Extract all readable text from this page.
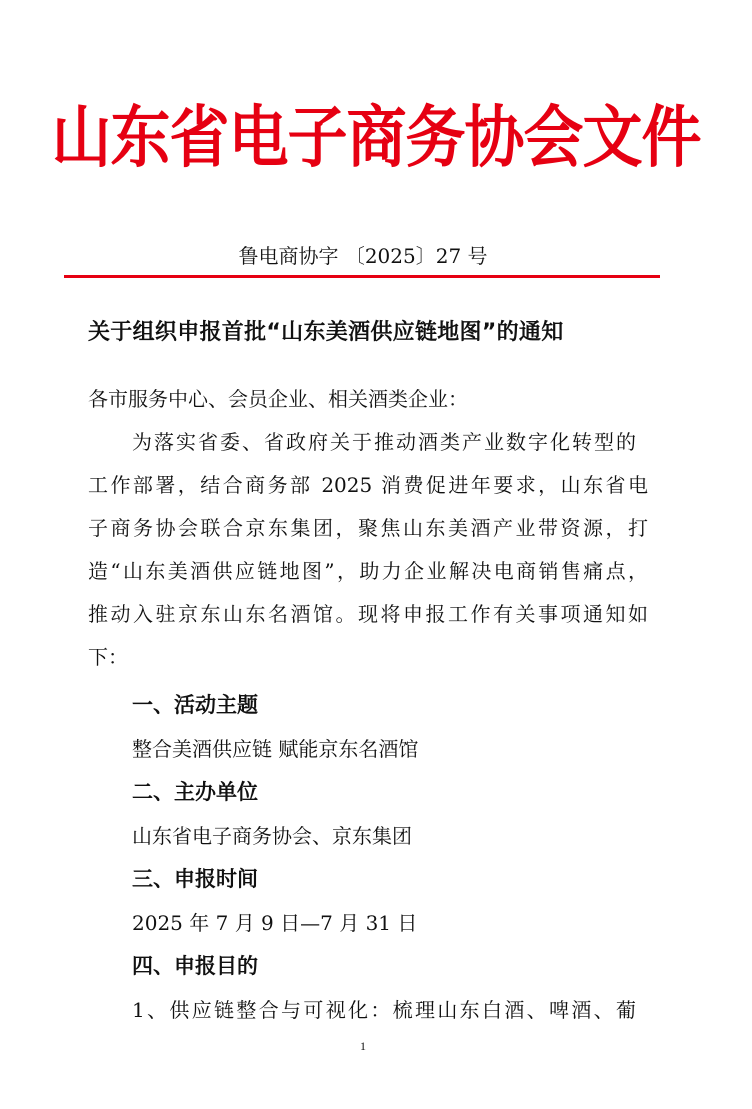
山东省电子商务协会文件
鲁电商协字 〔2025〕27 号
关于组织申报首批“山东美酒供应链地图”的通知
各市服务中心、会员企业、相关酒类企业：
为落实省委、省政府关于推动酒类产业数字化转型的
工作部署，结合商务部 2025 消费促进年要求，山东省电
子商务协会联合京东集团，聚焦山东美酒产业带资源，打
造“山东美酒供应链地图”，助力企业解决电商销售痛点，
推动入驻京东山东名酒馆。现将申报工作有关事项通知如
下：
一、活动主题
整合美酒供应链 赋能京东名酒馆
二、主办单位
山东省电子商务协会、京东集团
三、申报时间
2025 年 7 月 9 日—7 月 31 日
四、申报目的
1、供应链整合与可视化：梳理山东白酒、啤酒、葡
1
